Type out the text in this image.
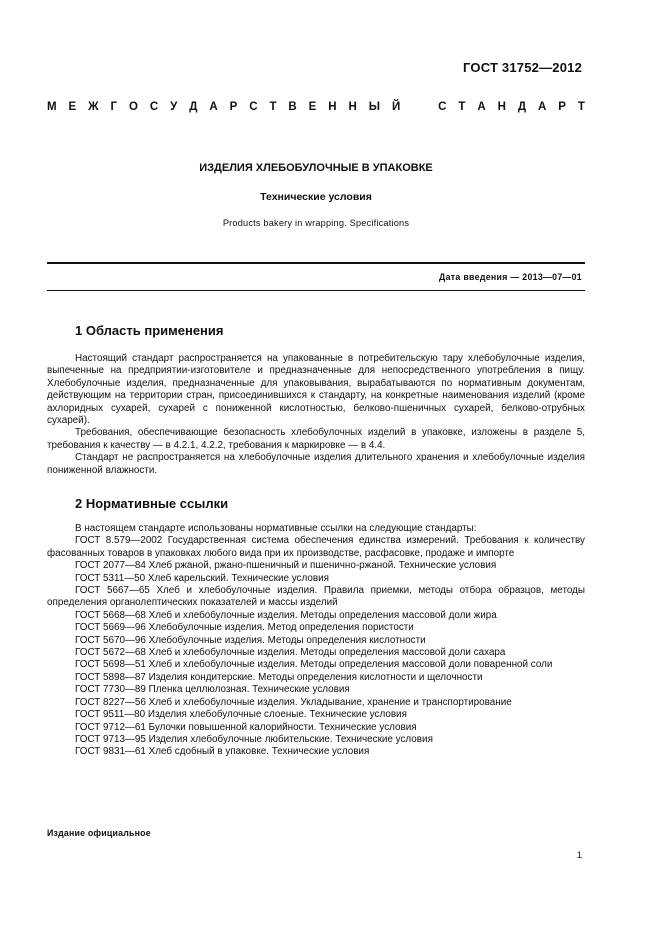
ГОСТ 31752—2012
М Е Ж Г О С У Д А Р С Т В Е Н Н Ы Й	С Т А Н Д А Р Т
ИЗДЕЛИЯ ХЛЕБОБУЛОЧНЫЕ В УПАКОВКЕ
Технические условия
Products bakery in wrapping. Specifications
Дата введения — 2013—07—01
1 Область применения

Настоящий стандарт распространяется на упакованные в потребительскую тару хлебобулочные изделия, выпеченные на предприятии-изготовителе и предназначенные для непосредственного употребления в пищу. Хлебобулочные изделия, предназначенные для упаковывания, вырабатываются по нормативным документам, действующим на территории стран, присоединившихся к стандарту, на конкретные наименования изделий (кроме ахлоридных сухарей, сухарей с пониженной кислотностью, белково-пшеничных сухарей, белково-отрубных сухарей).

Требования, обеспечивающие безопасность хлебобулочных изделий в упаковке, изложены в разделе 5, требования к качеству — в 4.2.1, 4.2.2, требования к маркировке — в 4.4.

Стандарт не распространяется на хлебобулочные изделия длительного хранения и хлебобулочные изделия пониженной влажности.

2 Нормативные ссылки

В настоящем стандарте использованы нормативные ссылки на следующие стандарты:

ГОСТ 8.579—2002 Государственная система обеспечения единства измерений. Требования к количеству фасованных товаров в упаковках любого вида при их производстве, расфасовке, продаже и импорте

ГОСТ 2077—84 Хлеб ржаной, ржано-пшеничный и пшенично-ржаной. Технические условия

ГОСТ 5311—50 Хлеб карельский. Технические условия

ГОСТ 5667—65 Хлеб и хлебобулочные изделия. Правила приемки, методы отбора образцов, методы определения органолептических показателей и массы изделий

ГОСТ 5668—68 Хлеб и хлебобулочные изделия. Методы определения массовой доли жира

ГОСТ 5669—96 Хлебобулочные изделия. Метод определения пористости

ГОСТ 5670—96 Хлебобулочные изделия. Методы определения кислотности

ГОСТ 5672—68 Хлеб и хлебобулочные изделия. Методы определения массовой доли сахара

ГОСТ 5698—51 Хлеб и хлебобулочные изделия. Методы определения массовой доли поваренной соли

ГОСТ 5898—87 Изделия кондитерские. Методы определения кислотности и щелочности

ГОСТ 7730—89 Пленка целлюлозная. Технические условия

ГОСТ 8227—56 Хлеб и хлебобулочные изделия. Укладывание, хранение и транспортирование

ГОСТ 9511—80 Изделия хлебобулочные слоеные. Технические условия

ГОСТ 9712—61 Булочки повышенной калорийности. Технические условия

ГОСТ 9713—95 Изделия хлебобулочные любительские. Технические условия

ГОСТ 9831—61 Хлеб сдобный в упаковке. Технические условия

Издание официальное
1
